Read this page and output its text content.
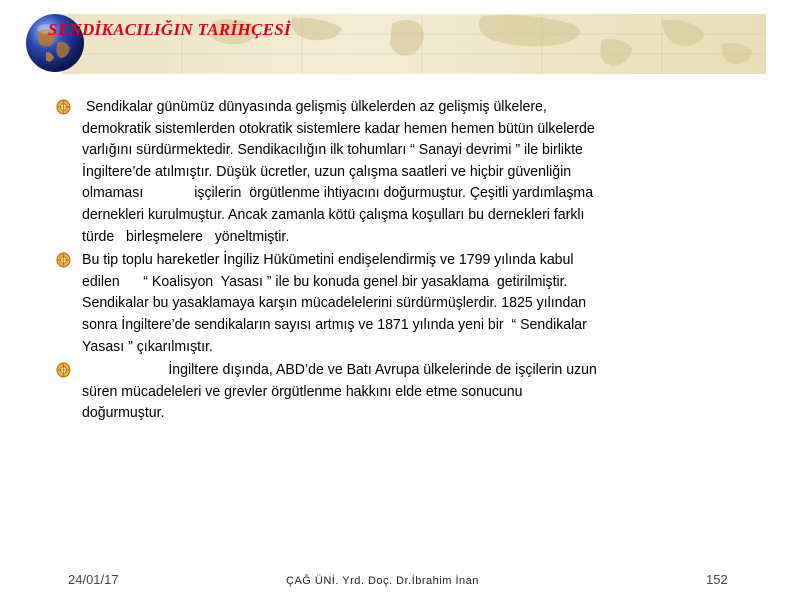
SENDİKACILIĞIN TARİHÇESİ
Sendikalar günümüz dünyasında gelişmiş ülkelerden az gelişmiş ülkelere,
demokratik sistemlerden otokratik sistemlere kadar hemen hemen bütün ülkelerde
varlığını sürdürmektedir. Sendikacılığın ilk tohumları “ Sanayi devrimi ” ile birlikte
İngiltere’de atılmıştır. Düşük ücretler, uzun çalışma saatleri ve hiçbir güvenliğin
olmaması             işçilerin  örgütlenme ihtiyacını doğurmuştur. Çeşitli yardımlaşma
dernekleri kurulmuştur. Ancak zamanla kötü çalışma koşulları bu dernekleri farklı
türde   birleşmelere   yöneltmiştir.
Bu tip toplu hareketler İngiliz Hükümetini endişelendirmiş ve 1799 yılında kabul
edilen      “ Koalisyon  Yasası ” ile bu konuda genel bir yasaklama  getirilmiştir.
Sendikalar bu yasaklamaya karşın mücadelelerini sürdürmüşlerdir. 1825 yılından
sonra İngiltere’de sendikaların sayısı artmış ve 1871 yılında yeni bir  “ Sendikalar
Yasası ” çıkarılmıştır.
İngiltere dışında, ABD’de ve Batı Avrupa ülkelerinde de işçilerin uzun
süren mücadeleleri ve grevler örgütlenme hakkını elde etme sonucunu
doğurmuştur.
24/01/17	ÇAĞ ÜNİ. Yrd. Doç. Dr.İbrahim İnan	152
